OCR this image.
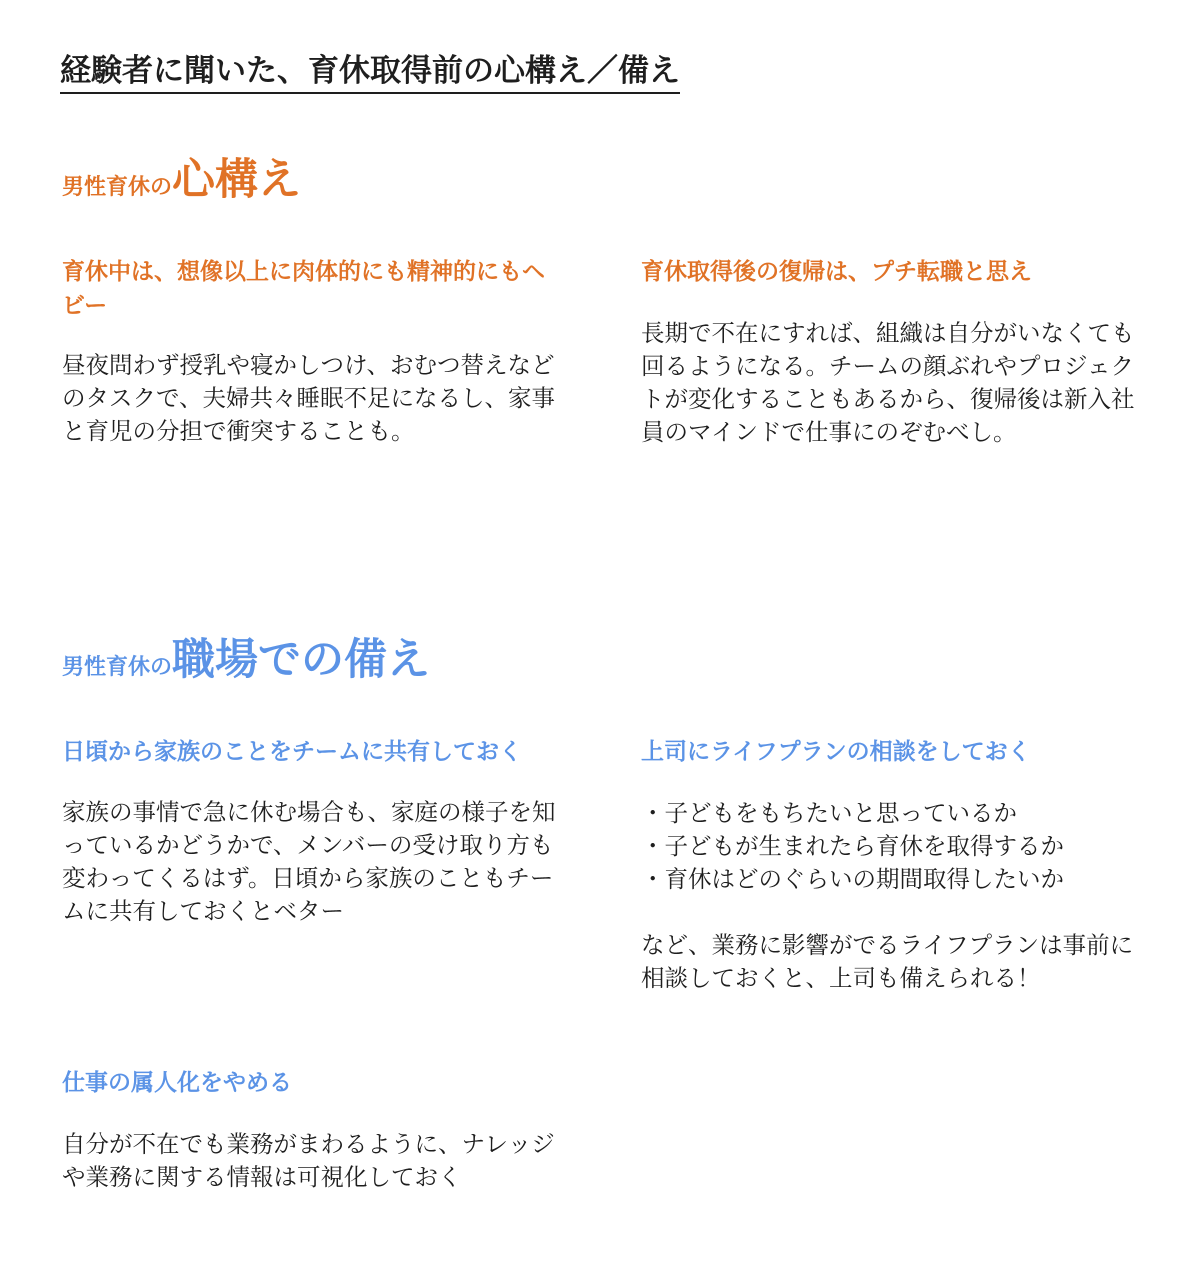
経験者に聞いた、育休取得前の心構え／備え
男性育休の心構え
育休中は、想像以上に肉体的にも精神的にもヘビー

昼夜問わず授乳や寝かしつけ、おむつ替えなどのタスクで、夫婦共々睡眠不足になるし、家事と育児の分担で衝突することも。

育休取得後の復帰は、プチ転職と思え

長期で不在にすれば、組織は自分がいなくても回るようになる。チームの顔ぶれやプロジェクトが変化することもあるから、復帰後は新入社員のマインドで仕事にのぞむべし。

男性育休の職場での備え
日頃から家族のことをチームに共有しておく

家族の事情で急に休む場合も、家庭の様子を知っているかどうかで、メンバーの受け取り方も変わってくるはず。日頃から家族のこともチームに共有しておくとベター

上司にライフプランの相談をしておく
・ 子どもをもちたいと思っているか
・ 子どもが生まれたら育休を取得するか
・ 育休はどのぐらいの期間取得したいか

など、業務に影響がでるライフプランは事前に相談しておくと、上司も備えられる！

仕事の属人化をやめる

自分が不在でも業務がまわるように、ナレッジや業務に関する情報は可視化しておく
